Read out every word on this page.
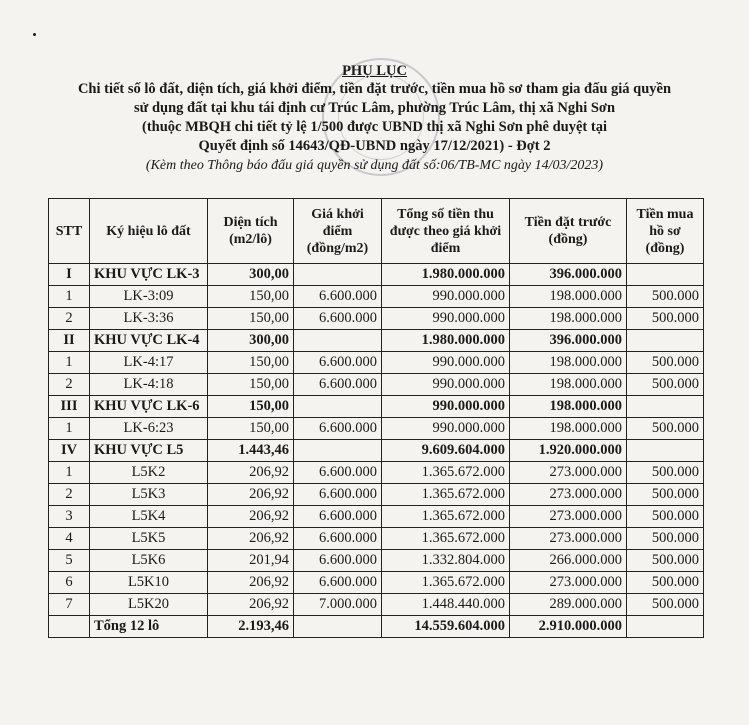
PHỤ LỤC
Chi tiết số lô đất, diện tích, giá khởi điểm, tiền đặt trước, tiền mua hồ sơ tham gia đấu giá quyền
sử dụng đất tại khu tái định cư Trúc Lâm, phường Trúc Lâm, thị xã Nghi Sơn
(thuộc MBQH chi tiết tỷ lệ 1/500 được UBND thị xã Nghi Sơn phê duyệt tại
Quyết định số 14643/QĐ-UBND ngày 17/12/2021) - Đợt 2
(Kèm theo Thông báo đấu giá quyền sử dụng đất số:06/TB-MC ngày 14/03/2023)
STT	Ký hiệu lô đất	Diện tích (m2/lô)	Giá khởi điểm (đồng/m2)	Tổng số tiền thu được theo giá khởi điểm	Tiền đặt trước (đồng)	Tiền mua hồ sơ (đồng)
I	KHU VỰC LK-3	300,00		1.980.000.000	396.000.000	
1	LK-3:09	150,00	6.600.000	990.000.000	198.000.000	500.000
2	LK-3:36	150,00	6.600.000	990.000.000	198.000.000	500.000
II	KHU VỰC LK-4	300,00		1.980.000.000	396.000.000	
1	LK-4:17	150,00	6.600.000	990.000.000	198.000.000	500.000
2	LK-4:18	150,00	6.600.000	990.000.000	198.000.000	500.000
III	KHU VỰC LK-6	150,00		990.000.000	198.000.000	
1	LK-6:23	150,00	6.600.000	990.000.000	198.000.000	500.000
IV	KHU VỰC L5	1.443,46		9.609.604.000	1.920.000.000	
1	L5K2	206,92	6.600.000	1.365.672.000	273.000.000	500.000
2	L5K3	206,92	6.600.000	1.365.672.000	273.000.000	500.000
3	L5K4	206,92	6.600.000	1.365.672.000	273.000.000	500.000
4	L5K5	206,92	6.600.000	1.365.672.000	273.000.000	500.000
5	L5K6	201,94	6.600.000	1.332.804.000	266.000.000	500.000
6	L5K10	206,92	6.600.000	1.365.672.000	273.000.000	500.000
7	L5K20	206,92	7.000.000	1.448.440.000	289.000.000	500.000
	Tổng 12 lô	2.193,46		14.559.604.000	2.910.000.000	
